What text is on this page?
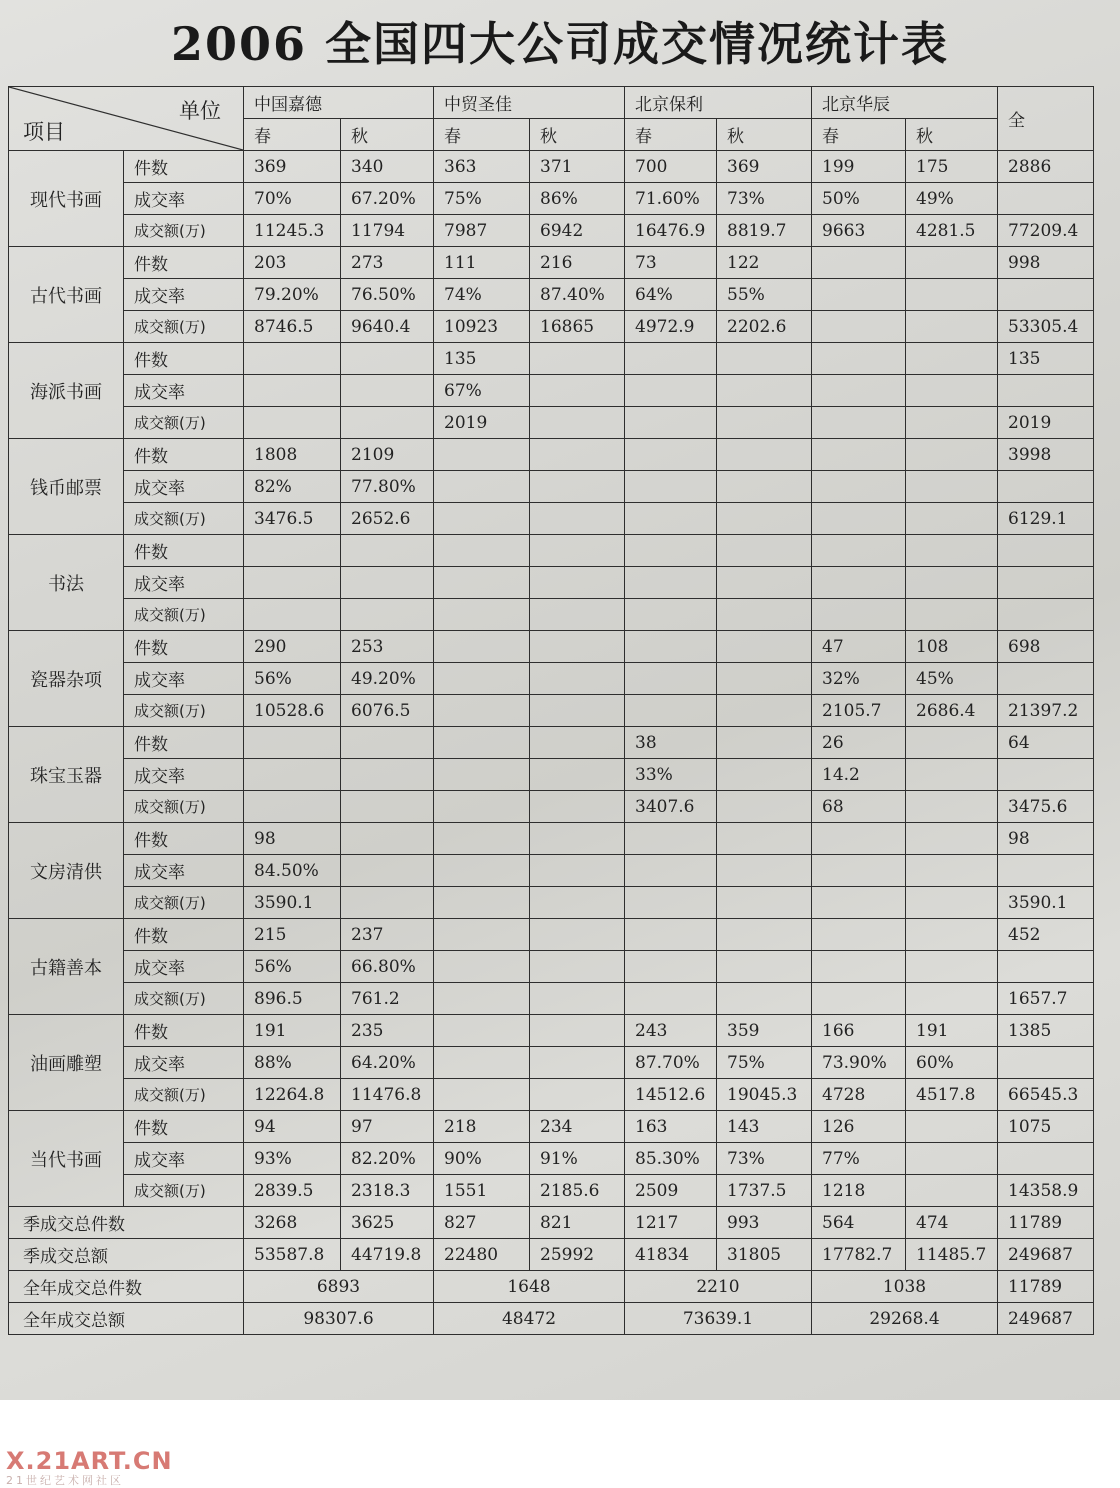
2006 全国四大公司成交情况统计表
单位
项目		中国嘉德		中贸圣佳		北京保利		北京华辰		全
		春	秋	春	秋	春	秋	春	秋	
现代书画	件数	369	340	363	371	700	369	199	175	2886
	成交率	70%	67.20%	75%	86%	71.60%	73%	50%	49%	
	成交额(万)	11245.3	11794	7987	6942	16476.9	8819.7	9663	4281.5	77209.4
古代书画	件数	203	273	111	216	73	122			998
	成交率	79.20%	76.50%	74%	87.40%	64%	55%			
	成交额(万)	8746.5	9640.4	10923	16865	4972.9	2202.6			53305.4
海派书画	件数			135						135
	成交率			67%						
	成交额(万)			2019						2019
钱币邮票	件数	1808	2109							3998
	成交率	82%	77.80%							
	成交额(万)	3476.5	2652.6							6129.1
书法	件数									
	成交率									
	成交额(万)									
瓷器杂项	件数	290	253					47	108	698
	成交率	56%	49.20%					32%	45%	
	成交额(万)	10528.6	6076.5					2105.7	2686.4	21397.2
珠宝玉器	件数					38		26		64
	成交率					33%		14.2		
	成交额(万)					3407.6		68		3475.6
文房清供	件数	98								98
	成交率	84.50%								
	成交额(万)	3590.1								3590.1
古籍善本	件数	215	237							452
	成交率	56%	66.80%							
	成交额(万)	896.5	761.2							1657.7
油画雕塑	件数	191	235			243	359	166	191	1385
	成交率	88%	64.20%			87.70%	75%	73.90%	60%	
	成交额(万)	12264.8	11476.8			14512.6	19045.3	4728	4517.8	66545.3
当代书画	件数	94	97	218	234	163	143	126		1075
	成交率	93%	82.20%	90%	91%	85.30%	73%	77%		
	成交额(万)	2839.5	2318.3	1551	2185.6	2509	1737.5	1218		14358.9
季成交总件数		3268	3625	827	821	1217	993	564	474	11789
季成交总额		53587.8	44719.8	22480	25992	41834	31805	17782.7	11485.7	249687
全年成交总件数		6893		1648		2210		1038		11789
全年成交总额		98307.6		48472		73639.1		29268.4		249687
X.21ART.CN
21世纪艺术网社区
